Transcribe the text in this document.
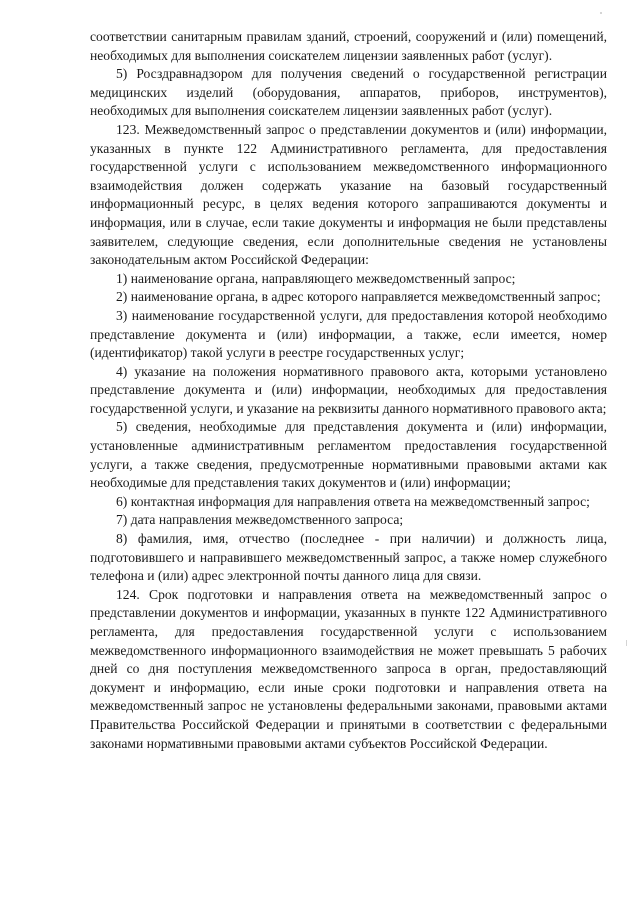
соответствии санитарным правилам зданий, строений, сооружений и (или) помещений, необходимых для выполнения соискателем лицензии заявленных работ (услуг).

5) Росздравнадзором для получения сведений о государственной регистрации медицинских изделий (оборудования, аппаратов, приборов, инструментов), необходимых для выполнения соискателем лицензии заявленных работ (услуг).

123. Межведомственный запрос о представлении документов и (или) информации, указанных в пункте 122 Административного регламента, для предоставления государственной услуги с использованием межведомственного информационного взаимодействия должен содержать указание на базовый государственный информационный ресурс, в целях ведения которого запрашиваются документы и информация, или в случае, если такие документы и информация не были представлены заявителем, следующие сведения, если дополнительные сведения не установлены законодательным актом Российской Федерации:

1) наименование органа, направляющего межведомственный запрос;

2) наименование органа, в адрес которого направляется межведомственный запрос;

3) наименование государственной услуги, для предоставления которой необходимо представление документа и (или) информации, а также, если имеется, номер (идентификатор) такой услуги в реестре государственных услуг;

4) указание на положения нормативного правового акта, которыми установлено представление документа и (или) информации, необходимых для предоставления государственной услуги, и указание на реквизиты данного нормативного правового акта;

5) сведения, необходимые для представления документа и (или) информации, установленные административным регламентом предоставления государственной услуги, а также сведения, предусмотренные нормативными правовыми актами как необходимые для представления таких документов и (или) информации;

6) контактная информация для направления ответа на межведомственный запрос;

7) дата направления межведомственного запроса;

8) фамилия, имя, отчество (последнее - при наличии) и должность лица, подготовившего и направившего межведомственный запрос, а также номер служебного телефона и (или) адрес электронной почты данного лица для связи.

124. Срок подготовки и направления ответа на межведомственный запрос о представлении документов и информации, указанных в пункте 122 Административного регламента, для предоставления государственной услуги с использованием межведомственного информационного взаимодействия не может превышать 5 рабочих дней со дня поступления межведомственного запроса в орган, предоставляющий документ и информацию, если иные сроки подготовки и направления ответа на межведомственный запрос не установлены федеральными законами, правовыми актами Правительства Российской Федерации и принятыми в соответствии с федеральными законами нормативными правовыми актами субъектов Российской Федерации.
